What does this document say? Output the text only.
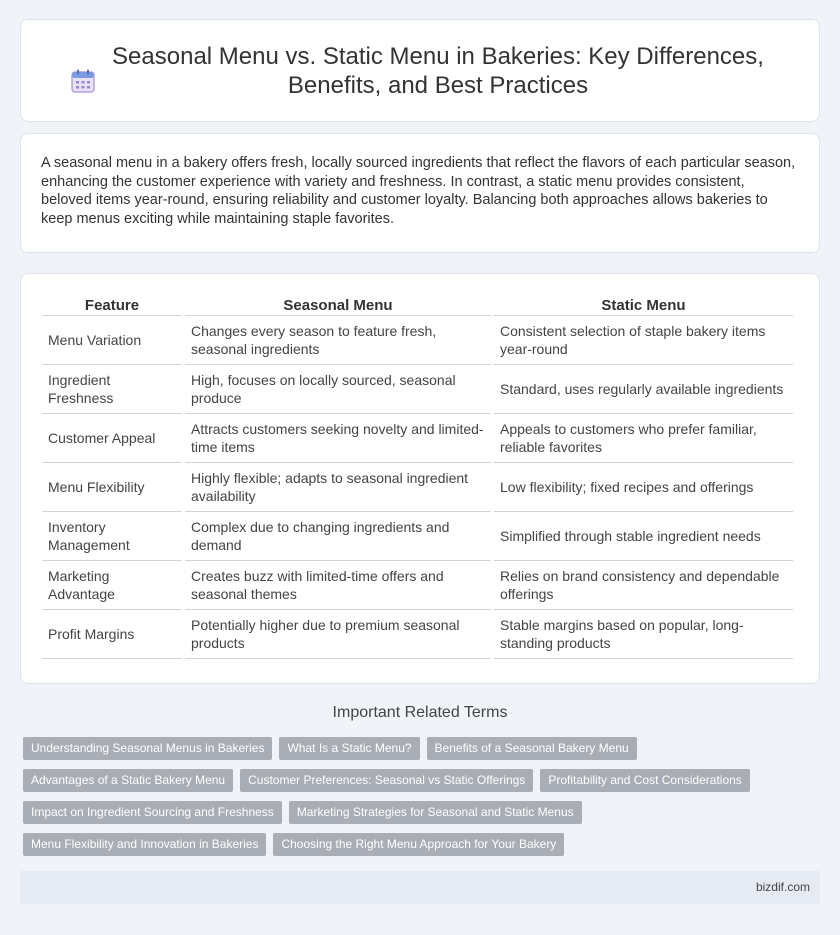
Seasonal Menu vs. Static Menu in Bakeries: Key Differences, Benefits, and Best Practices

A seasonal menu in a bakery offers fresh, locally sourced ingredients that reflect the flavors of each particular season, enhancing the customer experience with variety and freshness. In contrast, a static menu provides consistent, beloved items year-round, ensuring reliability and customer loyalty. Balancing both approaches allows bakeries to keep menus exciting while maintaining staple favorites.

Feature	Seasonal Menu	Static Menu
Menu Variation	Changes every season to feature fresh, seasonal ingredients	Consistent selection of staple bakery items year-round
Ingredient Freshness	High, focuses on locally sourced, seasonal produce	Standard, uses regularly available ingredients
Customer Appeal	Attracts customers seeking novelty and limited-time items	Appeals to customers who prefer familiar, reliable favorites
Menu Flexibility	Highly flexible; adapts to seasonal ingredient availability	Low flexibility; fixed recipes and offerings
Inventory Management	Complex due to changing ingredients and demand	Simplified through stable ingredient needs
Marketing Advantage	Creates buzz with limited-time offers and seasonal themes	Relies on brand consistency and dependable offerings
Profit Margins	Potentially higher due to premium seasonal products	Stable margins based on popular, long-standing products
Important Related Terms
Understanding Seasonal Menus in Bakeries	What Is a Static Menu?	Benefits of a Seasonal Bakery Menu
Advantages of a Static Bakery Menu	Customer Preferences: Seasonal vs Static Offerings	Profitability and Cost Considerations
Impact on Ingredient Sourcing and Freshness	Marketing Strategies for Seasonal and Static Menus
Menu Flexibility and Innovation in Bakeries	Choosing the Right Menu Approach for Your Bakery
bizdif.com
